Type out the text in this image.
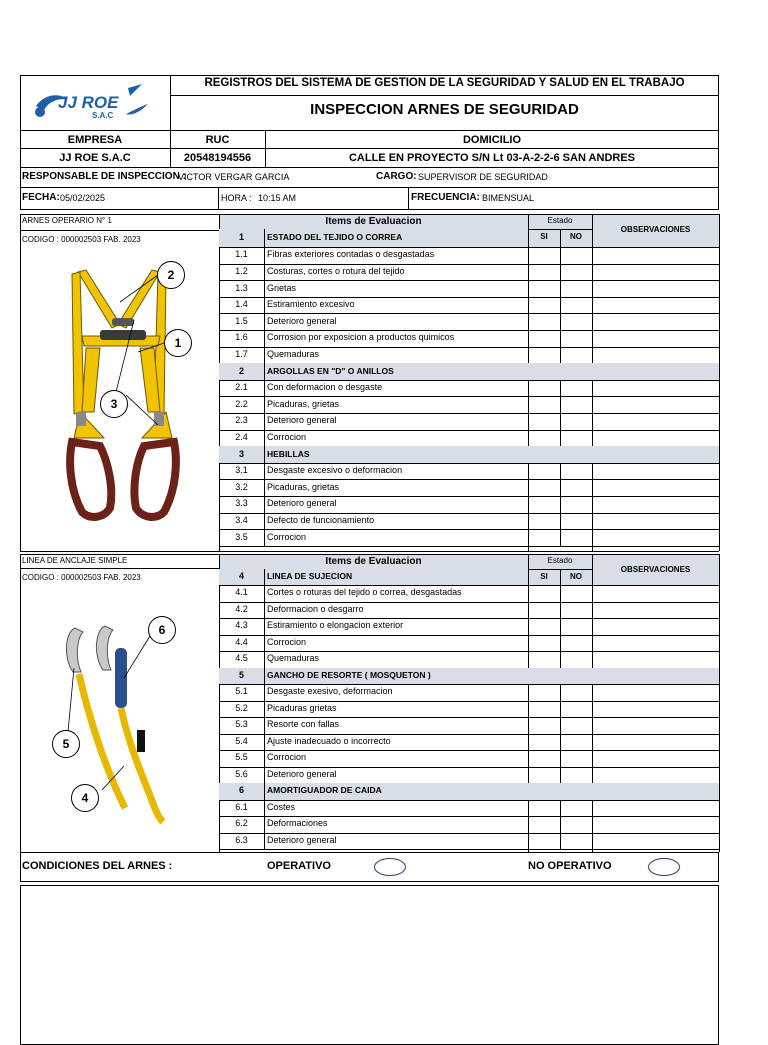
JJ ROE
S.A.C
REGISTROS DEL SISTEMA DE GESTION DE LA SEGURIDAD Y SALUD EN EL TRABAJO
INSPECCION ARNES DE SEGURIDAD
EMPRESA	RUC	DOMICILIO
JJ ROE S.A.C	20548194556	CALLE EN PROYECTO S/N Lt 03-A-2-2-6 SAN ANDRES
RESPONSABLE DE INSPECCION :
VICTOR VERGAR GARCIA	CARGO: SUPERVISOR DE SEGURIDAD
FECHA: 05/02/2025	HORA : 10:15 AM	FRECUENCIA: BIMENSUAL
ARNES OPERARIO N° 1
CODIGO : 000002503 FAB. 2023
2
1
3
LINEA DE ANCLAJE SIMPLE
CODIGO : 000002503 FAB. 2023
6
5
4
CONDICIONES DEL ARNES :	OPERATIVO	NO OPERATIVO
Items de Evaluacion	Estado
OBSERVACIONES
SI	NO
1	ESTADO DEL TEJIDO O CORREA
1.1	Fibras exteriores contadas o desgastadas
1.2	Costuras, cortes o rotura del tejido
1.3	Grietas
1.4	Estiramiento excesivo
1.5	Deterioro general
1.6	Corrosion por exposicion a productos quimicos
1.7	Quemaduras
2	ARGOLLAS EN "D" O ANILLOS
2.1	Con deformacion o desgaste
2.2	Picaduras, grietas
2.3	Deterioro general
2.4	Corrocion
3	HEBILLAS
3.1	Desgaste excesivo o deformacion
3.2	Picaduras, grietas
3.3	Deterioro general
3.4	Defecto de funcionamiento
3.5	Corrocion
Items de Evaluacion	Estado
OBSERVACIONES
SI	NO
4	LINEA DE SUJECION
4.1	Cortes o roturas del tejido o correa, desgastadas
4.2	Deformacion o desgarro
4.3	Estiramiento o elongacion exterior
4.4	Corrocion
4.5	Quemaduras
5	GANCHO DE RESORTE ( MOSQUETON )
5.1	Desgaste exesivo, deformacion
5.2	Picaduras grietas
5.3	Resorte con fallas
5.4	Ajuste inadecuado o incorrecto
5.5	Corrocion
5.6	Deterioro general
6	AMORTIGUADOR DE CAIDA
6.1	Costes
6.2	Deformaciones
6.3	Deterioro general
